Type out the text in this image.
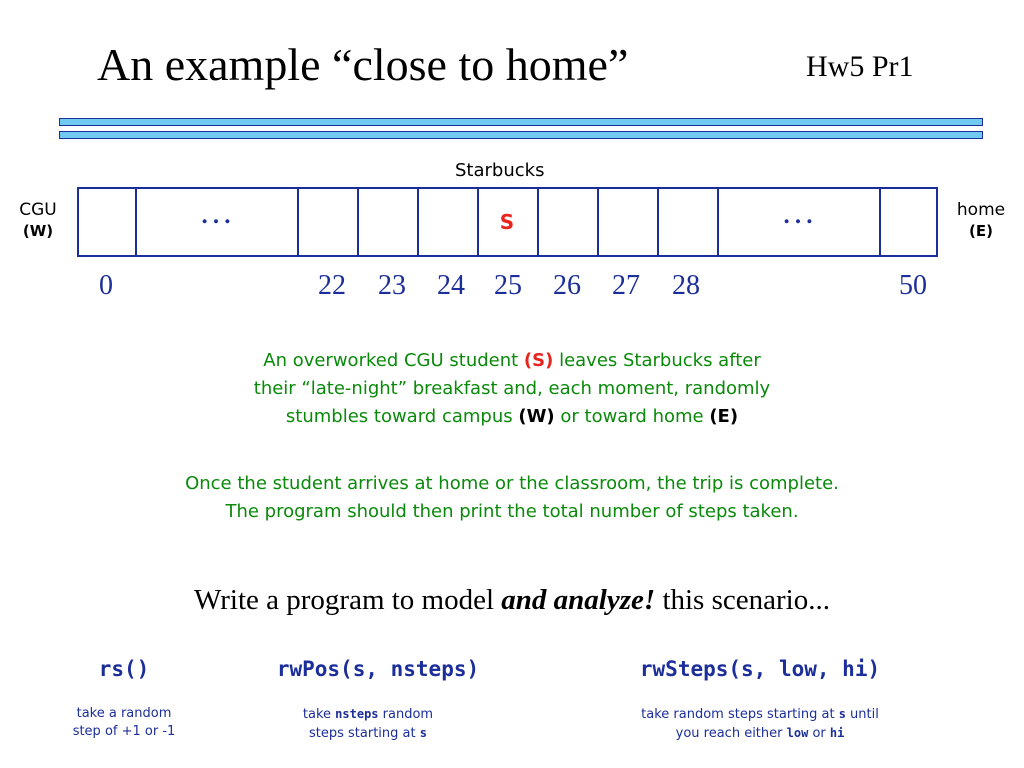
An example “close to home”	Hw5 Pr1
Starbucks
CGU
(W)
home
(E)
…	S	…
0	22 23 24 25 26 27 28	50
An overworked CGU student (S) leaves Starbucks after
their “late-night” breakfast and, each moment, randomly
stumbles toward campus (W) or toward home (E)
Once the student arrives at home or the classroom, the trip is complete.
The program should then print the total number of steps taken.
Write a program to model and analyze! this scenario...
rs()	rwPos(s, nsteps)	rwSteps(s, low, hi)
take a random
step of +1 or -1
take nsteps random
steps starting at s
take random steps starting at s until
you reach either low or hi
